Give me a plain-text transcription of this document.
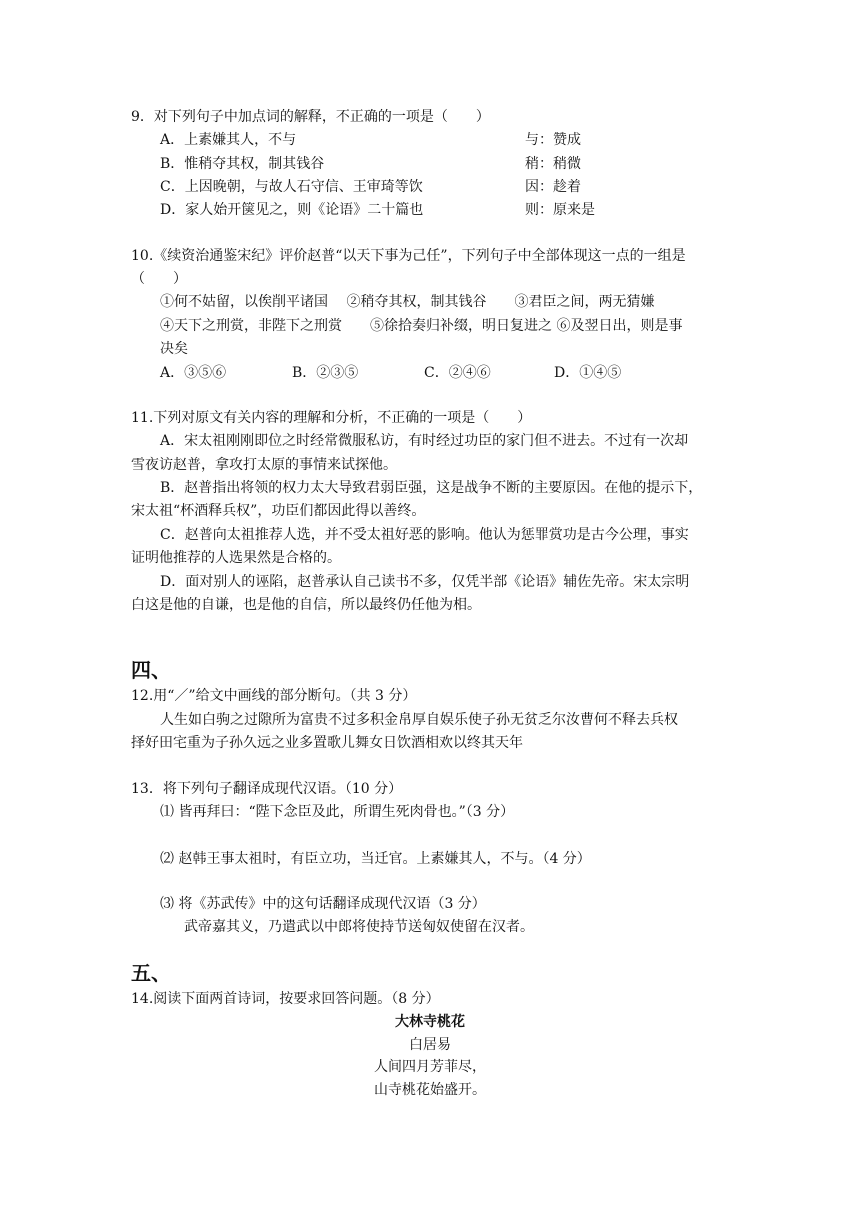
9．对下列句子中加点词的解释，不正确的一项是（　　）
A．上素嫌其人，不与	与：赞成
B．惟稍夺其权，制其钱谷	稍：稍微
C．上因晚朝，与故人石守信、王审琦等饮	因：趁着
D．家人始开箧见之，则《论语》二十篇也	则：原来是
10.《续资治通鉴宋纪》评价赵普“以天下事为己任”，下列句子中全部体现这一点的一组是
（　　）
①何不姑留，以俟削平诸国　 ②稍夺其权，制其钱谷　　③君臣之间，两无猜嫌
④天下之刑赏，非陛下之刑赏　　⑤徐拾奏归补缀，明日复进之 ⑥及翌日出，则是事
决矣
A．③⑤⑥	B．②③⑤	C．②④⑥	D．①④⑤
11.下列对原文有关内容的理解和分析，不正确的一项是（　　）
A．宋太祖刚刚即位之时经常微服私访，有时经过功臣的家门但不进去。不过有一次却
雪夜访赵普，拿攻打太原的事情来试探他。
B．赵普指出将领的权力太大导致君弱臣强，这是战争不断的主要原因。在他的提示下，
宋太祖“杯酒释兵权”，功臣们都因此得以善终。
C．赵普向太祖推荐人选，并不受太祖好恶的影响。他认为惩罪赏功是古今公理，事实
证明他推荐的人选果然是合格的。
D．面对别人的诬陷，赵普承认自己读书不多，仅凭半部《论语》辅佐先帝。宋太宗明
白这是他的自谦，也是他的自信，所以最终仍任他为相。
四、
12.用“／”给文中画线的部分断句。（共 3 分）
人生如白驹之过隙所为富贵不过多积金帛厚自娱乐使子孙无贫乏尔汝曹何不释去兵权
择好田宅重为子孙久远之业多置歌儿舞女日饮酒相欢以终其天年
13．将下列句子翻译成现代汉语。（10 分）
⑴ 皆再拜曰：“陛下念臣及此，所谓生死肉骨也。”（3 分）
⑵ 赵韩王事太祖时，有臣立功，当迁官。上素嫌其人，不与。（4 分）
⑶ 将《苏武传》中的这句话翻译成现代汉语（3 分）
武帝嘉其义，乃遣武以中郎将使持节送匈奴使留在汉者。
五、
14.阅读下面两首诗词，按要求回答问题。（8 分）
大林寺桃花
白居易
人间四月芳菲尽，
山寺桃花始盛开。
